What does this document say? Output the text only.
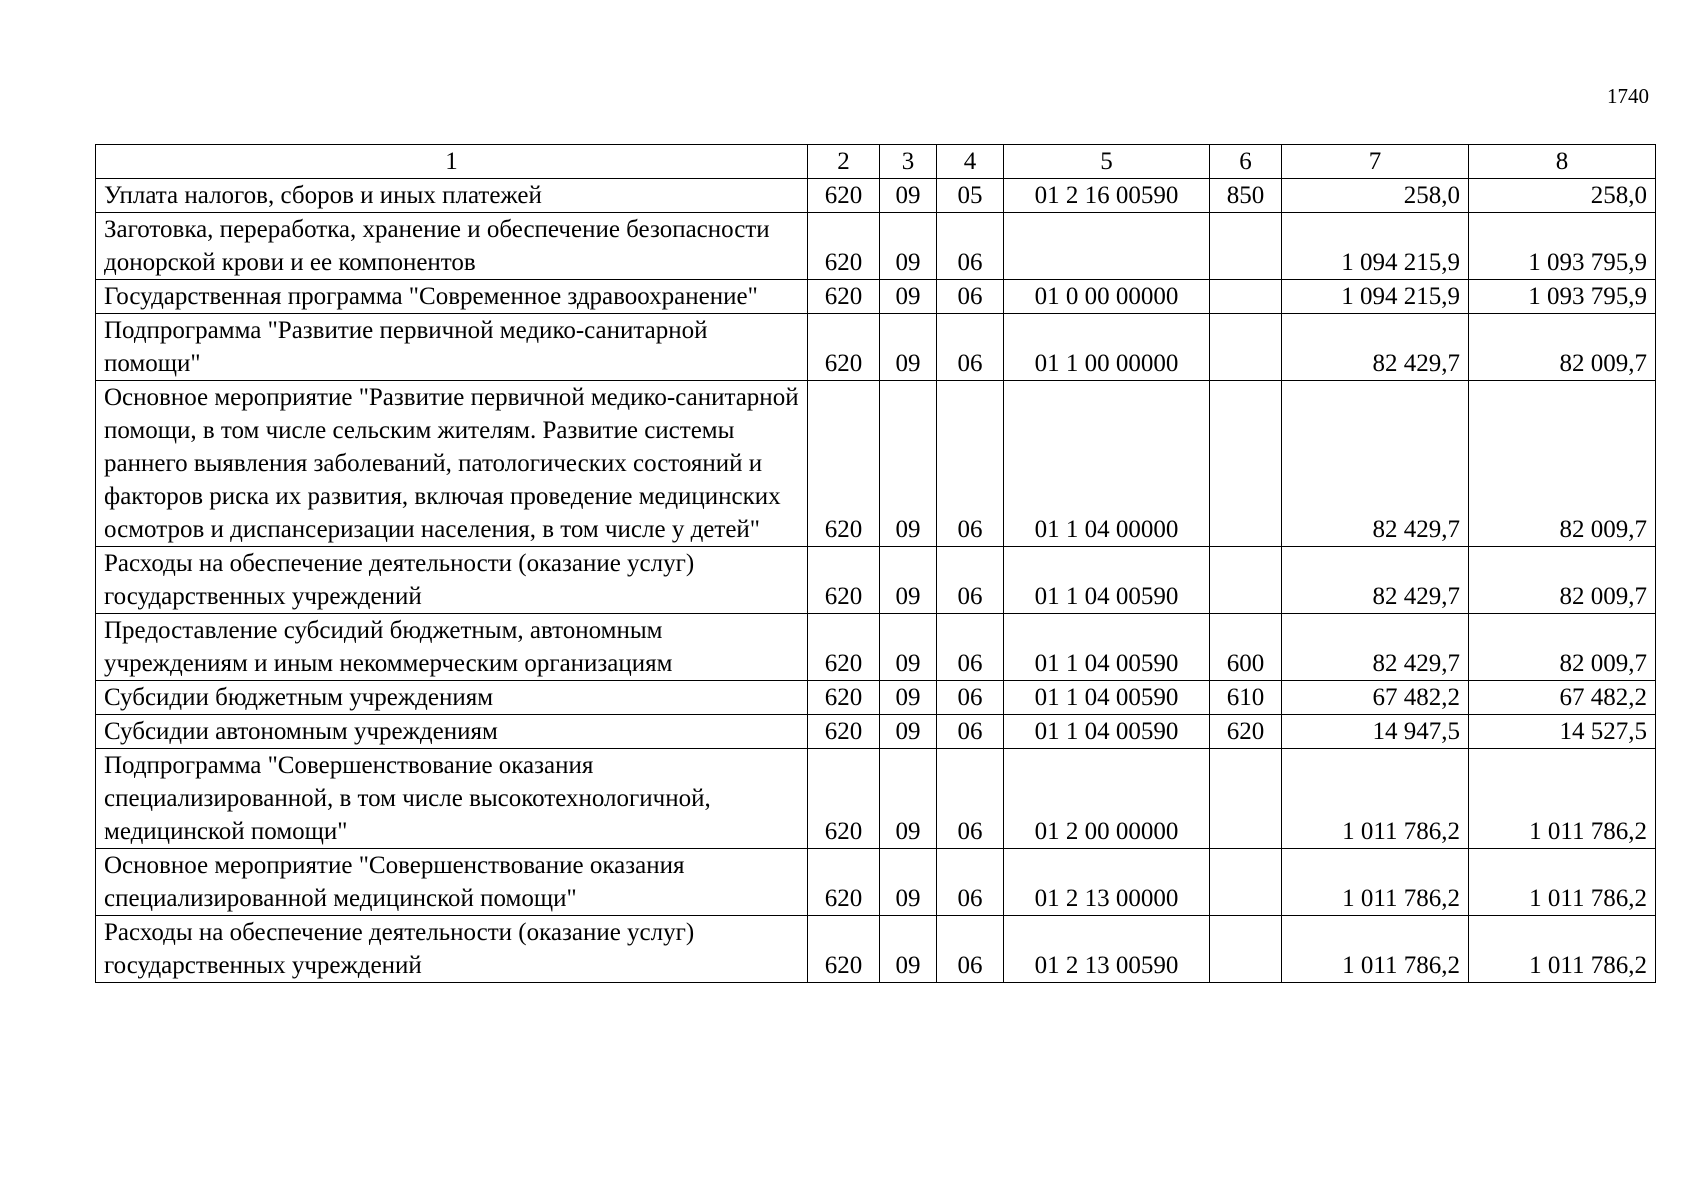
1740
1	2	3	4	5	6	7	8
Уплата налогов, сборов и иных платежей	620	09	05	01 2 16 00590	850	258,0	258,0
Заготовка, переработка, хранение и обеспечение безопасности донорской крови и ее компонентов	620	09	06			1 094 215,9	1 093 795,9
Государственная программа "Современное здравоохранение"	620	09	06	01 0 00 00000		1 094 215,9	1 093 795,9
Подпрограмма "Развитие первичной медико-санитарной помощи"	620	09	06	01 1 00 00000		82 429,7	82 009,7
Основное мероприятие "Развитие первичной медико-санитарной помощи, в том числе сельским жителям. Развитие системы раннего выявления заболеваний, патологических состояний и факторов риска их развития, включая проведение медицинских осмотров и диспансеризации населения, в том числе у детей"	620	09	06	01 1 04 00000		82 429,7	82 009,7
Расходы на обеспечение деятельности (оказание услуг) государственных учреждений	620	09	06	01 1 04 00590		82 429,7	82 009,7
Предоставление субсидий бюджетным, автономным учреждениям и иным некоммерческим организациям	620	09	06	01 1 04 00590	600	82 429,7	82 009,7
Субсидии бюджетным учреждениям	620	09	06	01 1 04 00590	610	67 482,2	67 482,2
Субсидии автономным учреждениям	620	09	06	01 1 04 00590	620	14 947,5	14 527,5
Подпрограмма "Совершенствование оказания специализированной, в том числе высокотехнологичной, медицинской помощи"	620	09	06	01 2 00 00000		1 011 786,2	1 011 786,2
Основное мероприятие "Совершенствование оказания специализированной медицинской помощи"	620	09	06	01 2 13 00000		1 011 786,2	1 011 786,2
Расходы на обеспечение деятельности (оказание услуг) государственных учреждений	620	09	06	01 2 13 00590		1 011 786,2	1 011 786,2
